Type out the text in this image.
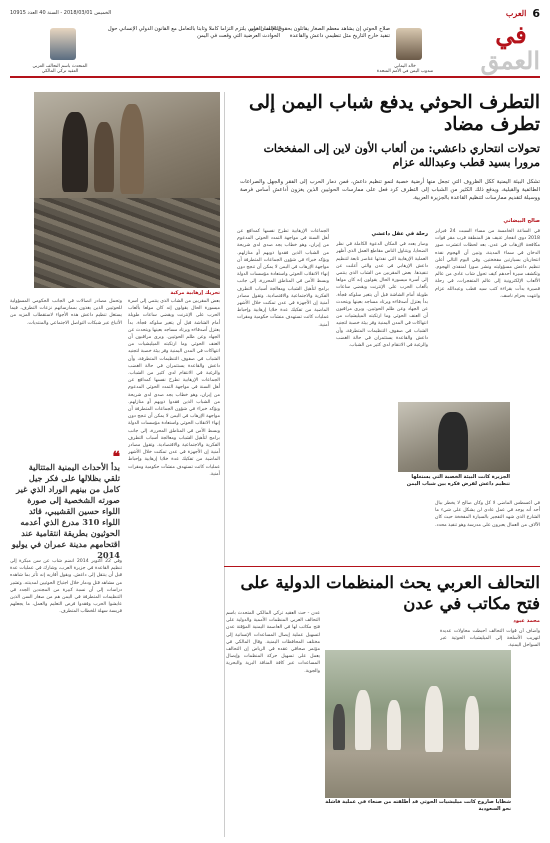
الخميس 2018/03/01 - السنة 40 العدد 10915	العرب 6
في
العمق
صلاح الحوثي إن يشاهد معظم الصغار يقاتلون بحقوق الإنسان على تنفيذ خارج التاريخ مثل تنظيمي داعش والقاعدة
خالد اليماني
مندوب اليمن في الأمم المتحدة
التحالف العربي يلتزم التزاما كاملا وثابتا بالتعامل مع القانون الدولي الإنساني حول الحوادث العرضية التي وقعت في اليمن
المتحدث باسم التحالف العربي
العقيد تركي المالكي
تحريك إرهابية مركبة
التطرف الحوثي يدفع شباب اليمن إلى تطرف مضاد
تحولات انتحاري داعشي: من ألعاب الأون لاين إلى المفخخات مرورا بسيد قطب وعبدالله عزام

تشكل البيئة اليمنية ككل الظروف التي تجعل منها أرضية خصبة لنمو تنظيم داعش، فمن دمار الحرب إلى الفقر والجهل والصراعات الطائفية والقبلية، ويدفع ذلك الكثير من الشباب إلى التطرف كرد فعل على ممارسات الحوثيين الذين يغزون أداعش أساس فرصة ووسيلة لتقديم ممارسات لتنظيم القاعدة بالجزيرة العربية.

صالح البيضاني
في الساعة الخامسة من مساء السبت 24 فبراير 2018 دوى انفجار عنيف هز المنطقة قرب مقر قوات مكافحة الإرهاب في عدن. بعد لحظات انتشرت صور الدخان في سماء المدينة، وتبين أن الهجوم نفذه انتحاريان بسيارتين مفخختين. وفي اليوم التالي أعلن تنظيم داعش مسؤوليته ونشر صورا لمنفذي الهجوم. وتكشف سيرة أحدهم كيف تحول شاب عادي من عالم الألعاب الإلكترونية إلى عالم المتفجرات، في رحلة قصيرة بدأت بقراءة كتب سيد قطب وعبدالله عزام وانتهت بحزام ناسف.
الجزيرة كانت البيئة الخصبة التي يستغلها تنظيم داعش لفرض فكره بين شباب اليمن
في أغسطس الماضي لا كل وكأن صالح لا يخطر ببال أحد أنه يوجد في عمل عادي لن يشكل على شيء ما الشارع الذي شهد التفجير بالسيارة المفخخة حيث كان الآلاف من العمال يعبرون على مدرسة وهو تنفيذ محدد.
رحلة في عقل داعشي
وصار يعدد في المكان الدعوة الكاملة في نظر الضحايا، ويتناول الناس مقاطع العمل الذي أظهر العملية الإرهابية التي نفذتها عناصر تابعة لتنظيم داعش الإرهابي في عدن والتي أعلنت عن تنفيذها. بعض المقربين من الشاب الذي ينتمي إلى أسرة ميسورة الحال يقولون إنه كان مولعا بألعاب الحرب على الإنترنت ويقضي ساعات طويلة أمام الشاشة قبل أن يتغير سلوكه فجأة. بدأ يعتزل أصدقاءه ويرتاد مساجد بعينها ويتحدث عن الجهاد وعن ظلم الحوثيين. ويرى مراقبون أن العنف الحوثي وما ارتكبته الميليشيات من انتهاكات في المدن اليمنية وفر بيئة خصبة لتجنيد الشباب في صفوف التنظيمات المتطرفة، وأن داعش والقاعدة يستثمران في حالة الغضب والرغبة في الانتقام لدى كثير من الشباب.
الجماعات الإرهابية تطرح نفسها كمدافع عن أهل السنة في مواجهة التمدد الحوثي المدعوم من إيران، وهو خطاب يجد صدى لدى شريحة من الشباب الذين فقدوا ذويهم أو منازلهم. ويؤكد خبراء في شؤون الجماعات المتطرفة أن مواجهة الإرهاب في اليمن لا يمكن أن تنجح دون إنهاء الانقلاب الحوثي واستعادة مؤسسات الدولة وبسط الأمن في المناطق المحررة، إلى جانب برامج لتأهيل الشباب ومعالجة أسباب التطرف الفكرية والاجتماعية والاقتصادية. وتقول مصادر أمنية إن الأجهزة في عدن تمكنت خلال الأشهر الماضية من تفكيك عدة خلايا إرهابية وإحباط عمليات كانت تستهدف منشآت حكومية ومقرات أمنية.
بعض المقربين من الشاب الذي ينتمي إلى أسرة ميسورة الحال يقولون إنه كان مولعا بألعاب الحرب على الإنترنت ويقضي ساعات طويلة أمام الشاشة قبل أن يتغير سلوكه فجأة. بدأ يعتزل أصدقاءه ويرتاد مساجد بعينها ويتحدث عن الجهاد وعن ظلم الحوثيين. ويرى مراقبون أن العنف الحوثي وما ارتكبته الميليشيات من انتهاكات في المدن اليمنية وفر بيئة خصبة لتجنيد الشباب في صفوف التنظيمات المتطرفة، وأن داعش والقاعدة يستثمران في حالة الغضب والرغبة في الانتقام لدى كثير من الشباب. الجماعات الإرهابية تطرح نفسها كمدافع عن أهل السنة في مواجهة التمدد الحوثي المدعوم من إيران، وهو خطاب يجد صدى لدى شريحة من الشباب الذين فقدوا ذويهم أو منازلهم. ويؤكد خبراء في شؤون الجماعات المتطرفة أن مواجهة الإرهاب في اليمن لا يمكن أن تنجح دون إنهاء الانقلاب الحوثي واستعادة مؤسسات الدولة وبسط الأمن في المناطق المحررة، إلى جانب برامج لتأهيل الشباب ومعالجة أسباب التطرف الفكرية والاجتماعية والاقتصادية. وتقول مصادر أمنية إن الأجهزة في عدن تمكنت خلال الأشهر الماضية من تفكيك عدة خلايا إرهابية وإحباط عمليات كانت تستهدف منشآت حكومية ومقرات أمنية.
وتحمل مصادر اتصالات في الجانب الحكومي المسؤولية للحوثيين الذين يغذون بممارساتهم نزعات التطرف، فيما يستغل تنظيم داعش هذه الأجواء لاستقطاب المزيد من الأتباع عبر شبكات التواصل الاجتماعي والمنتديات.
❝
بدأ الأحداث اليمنية المتتالية تلقي بظلالها على فكر جيل كامل من بينهم الوراد الذي غير صورته الشخصية إلى صورة اللواء حسين القشيبي، قائد اللواء 310 مدرع الذي أعدمه الحوثيون بطريقة انتقامية عند اقتحامهم مدينة عمران في يوليو 2014
وفي 22 أكتوبر 2014 انضم شاب عن سن مبكرة إلى تنظيم القاعدة في جزيرة العرب، وشارك في عمليات عدة قبل أن ينتقل إلى داعش. ويقول أقاربه إنه تأثر بما شاهده من مشاهد قتل ودمار خلال اجتياح الحوثيين لمدينته. وتشير دراسات إلى أن نسبة كبيرة من المجندين الجدد في التنظيمات المتطرفة في اليمن هم من صغار السن الذين عايشوا الحرب وفقدوا فرص التعليم والعمل، ما يجعلهم فريسة سهلة للخطاب المتطرف.
التحالف العربي يحث المنظمات الدولية على فتح مكاتب في عدن
محمد عبود
وأضاف أن قوات التحالف أحبطت محاولات عديدة لتهريب الأسلحة إلى الميليشيات الحوثية عبر السواحل اليمنية.
شظايا صاروخ كانت ميليشيات الحوثي قد أطلقته من صنعاء في عملية فاشلة نحو السعودية
عدن - حث العقيد تركي المالكي المتحدث باسم التحالف العربي المنظمات الأممية والدولية على فتح مكاتب لها في العاصمة اليمنية المؤقتة عدن لتسهيل عملية إيصال المساعدات الإنسانية إلى مختلف المحافظات اليمنية. وقال المالكي في مؤتمر صحافي عقده في الرياض إن التحالف يعمل على تسهيل حركة المنظمات وإيصال المساعدات عبر كافة المنافذ البرية والبحرية والجوية.
